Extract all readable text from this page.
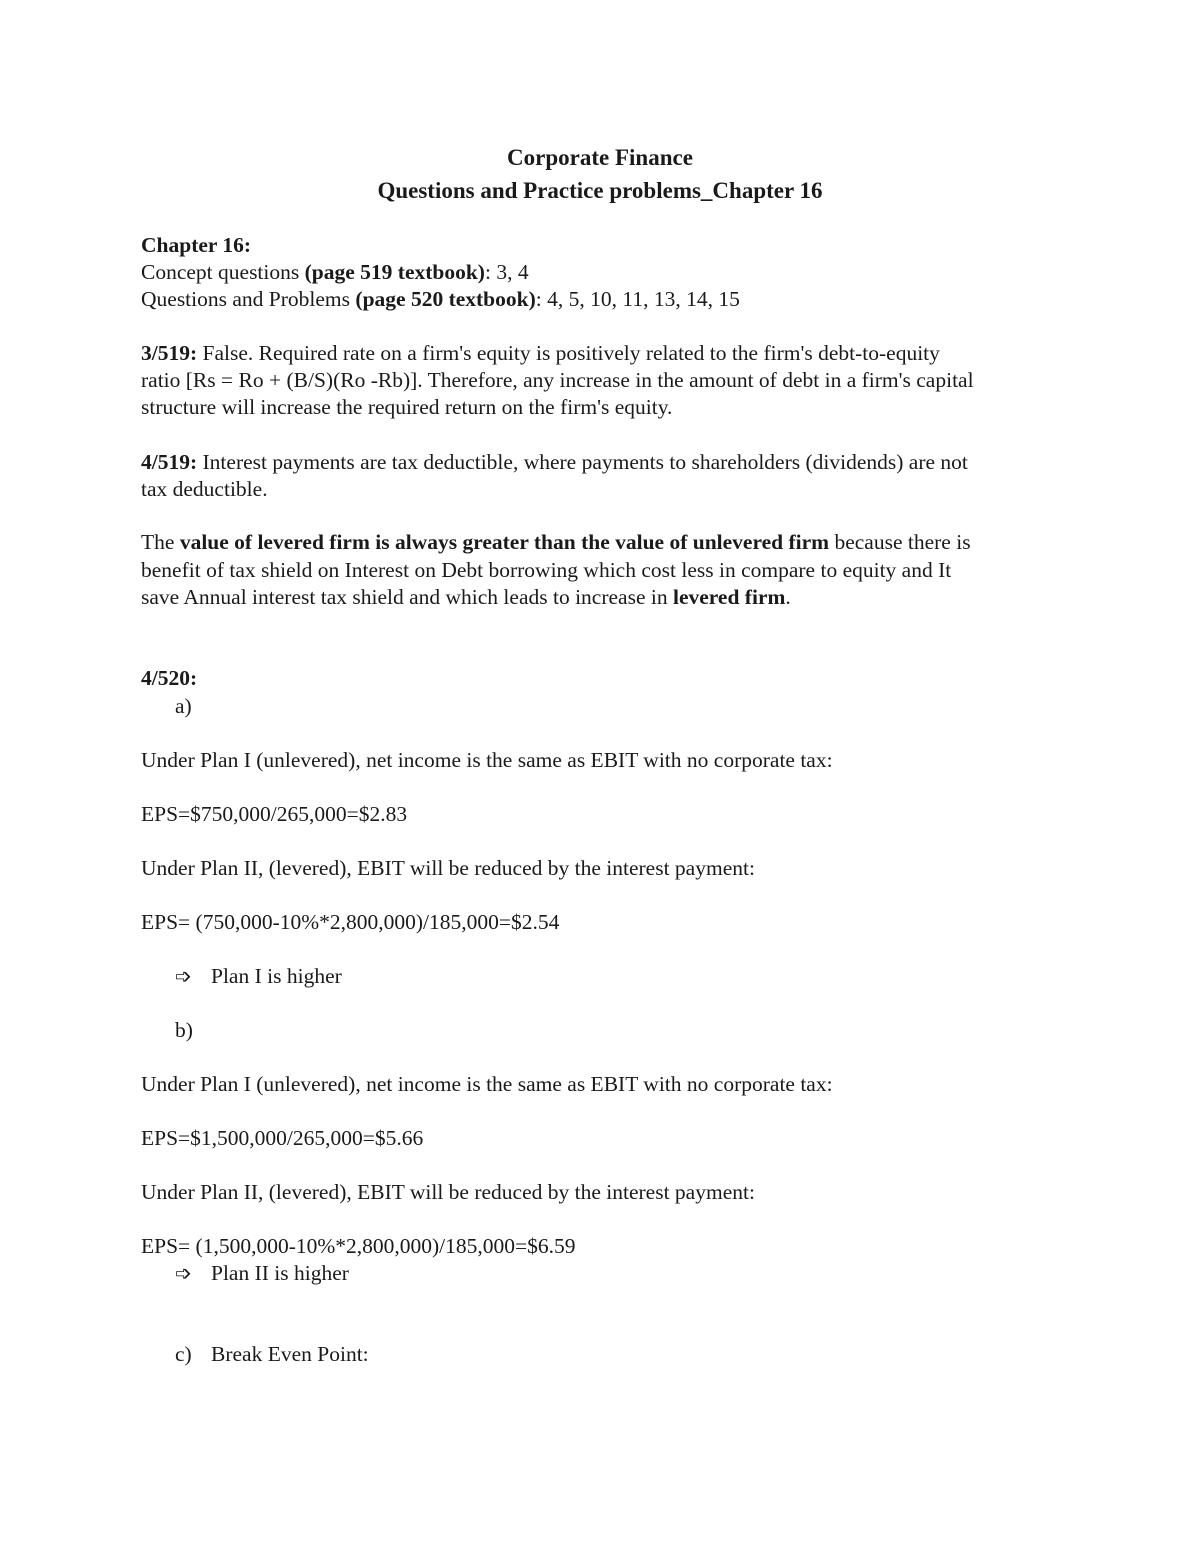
Corporate Finance
Questions and Practice problems_Chapter 16
Chapter 16:
Concept questions (page 519 textbook): 3, 4
Questions and Problems (page 520 textbook): 4, 5, 10, 11, 13, 14, 15
3/519: False. Required rate on a firm's equity is positively related to the firm's debt-to-equity
ratio [Rs = Ro + (B/S)(Ro -Rb)]. Therefore, any increase in the amount of debt in a firm's capital
structure will increase the required return on the firm's equity.
4/519: Interest payments are tax deductible, where payments to shareholders (dividends) are not
tax deductible.
The value of levered firm is always greater than the value of unlevered firm because there is
benefit of tax shield on Interest on Debt borrowing which cost less in compare to equity and It
save Annual interest tax shield and which leads to increase in levered firm.
4/520:
a)
Under Plan I (unlevered), net income is the same as EBIT with no corporate tax:
EPS=$750,000/265,000=$2.83
Under Plan II, (levered), EBIT will be reduced by the interest payment:
EPS= (750,000-10%*2,800,000)/185,000=$2.54
➩ Plan I is higher
b)
Under Plan I (unlevered), net income is the same as EBIT with no corporate tax:
EPS=$1,500,000/265,000=$5.66
Under Plan II, (levered), EBIT will be reduced by the interest payment:
EPS= (1,500,000-10%*2,800,000)/185,000=$6.59
➩ Plan II is higher
c) Break Even Point:
